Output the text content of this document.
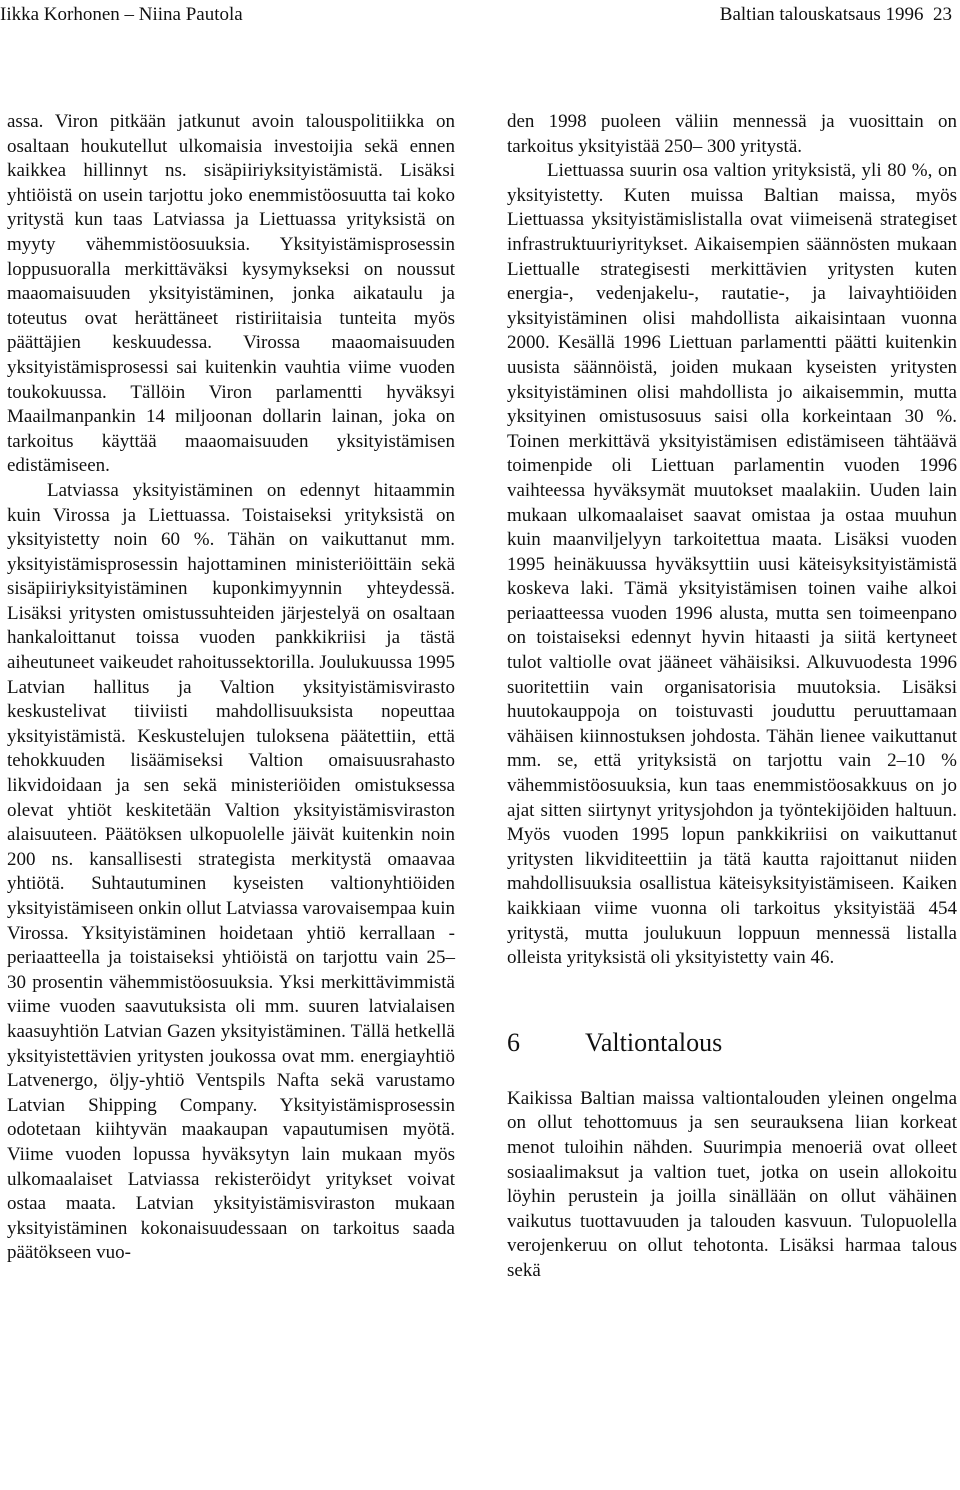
Iikka Korhonen – Niina Pautola	Baltian talouskatsaus 1996 23

assa. Viron pitkään jatkunut avoin talouspolitiikka on osaltaan houkutellut ulkomaisia investoijia sekä ennen kaikkea hillinnyt ns. sisäpiiriyksityistämistä. Lisäksi yhtiöistä on usein tarjottu joko enemmistöosuutta tai koko yritystä kun taas Latviassa ja Liettuassa yrityksistä on myyty vähemmistöosuuksia. Yksityistämisprosessin loppusuoralla merkittäväksi kysymykseksi on noussut maaomaisuuden yksityistäminen, jonka aikataulu ja toteutus ovat herättäneet ristiriitaisia tunteita myös päättäjien keskuudessa. Virossa maaomaisuuden yksityistämisprosessi sai kuitenkin vauhtia viime vuoden toukokuussa. Tällöin Viron parlamentti hyväksyi Maailmanpankin 14 miljoonan dollarin lainan, joka on tarkoitus käyttää maaomaisuuden yksityistämisen edistämiseen.

Latviassa yksityistäminen on edennyt hitaammin kuin Virossa ja Liettuassa. Toistaiseksi yrityksistä on yksityistetty noin 60 %. Tähän on vaikuttanut mm. yksityistämisprosessin hajottaminen ministeriöittäin sekä sisäpiiriyksityistäminen kuponkimyynnin yhteydessä. Lisäksi yritysten omistussuhteiden järjestelyä on osaltaan hankaloittanut toissa vuoden pankkikriisi ja tästä aiheutuneet vaikeudet rahoitussektorilla. Joulukuussa 1995 Latvian hallitus ja Valtion yksityistämisvirasto keskustelivat tiiviisti mahdollisuuksista nopeuttaa yksityistämistä. Keskustelujen tuloksena päätettiin, että tehokkuuden lisäämiseksi Valtion omaisuusrahasto likvidoidaan ja sen sekä ministeriöiden omistuksessa olevat yhtiöt keskitetään Valtion yksityistämisviraston alaisuuteen. Päätöksen ulkopuolelle jäivät kuitenkin noin 200 ns. kansallisesti strategista merkitystä omaavaa yhtiötä. Suhtautuminen kyseisten valtionyhtiöiden yksityistämiseen onkin ollut Latviassa varovaisempaa kuin Virossa. Yksityistäminen hoidetaan yhtiö kerrallaan -periaatteella ja toistaiseksi yhtiöistä on tarjottu vain 25– 30 prosentin vähemmistöosuuksia. Yksi merkittävimmistä viime vuoden saavutuksista oli mm. suuren latvialaisen kaasuyhtiön Latvian Gazen yksityistäminen. Tällä hetkellä yksityistettävien yritysten joukossa ovat mm. energiayhtiö Latvenergo, öljy-yhtiö Ventspils Nafta sekä varustamo Latvian Shipping Company. Yksityistämisprosessin odotetaan kiihtyvän maakaupan vapautumisen myötä. Viime vuoden lopussa hyväksytyn lain mukaan myös ulkomaalaiset Latviassa rekisteröidyt yritykset voivat ostaa maata. Latvian yksityistämisviraston mukaan yksityistäminen kokonaisuudessaan on tarkoitus saada päätökseen vuo-

den 1998 puoleen väliin mennessä ja vuosittain on tarkoitus yksityistää 250– 300 yritystä.

Liettuassa suurin osa valtion yrityksistä, yli 80 %, on yksityistetty. Kuten muissa Baltian maissa, myös Liettuassa yksityistämislistalla ovat viimeisenä strategiset infrastruktuuriyritykset. Aikaisempien säännösten mukaan Liettualle strategisesti merkittävien yritysten kuten energia-, vedenjakelu-, rautatie-, ja laivayhtiöiden yksityistäminen olisi mahdollista aikaisintaan vuonna 2000. Kesällä 1996 Liettuan parlamentti päätti kuitenkin uusista säännöistä, joiden mukaan kyseisten yritysten yksityistäminen olisi mahdollista jo aikaisemmin, mutta yksityinen omistusosuus saisi olla korkeintaan 30 %. Toinen merkittävä yksityistämisen edistämiseen tähtäävä toimenpide oli Liettuan parlamentin vuoden 1996 vaihteessa hyväksymät muutokset maalakiin. Uuden lain mukaan ulkomaalaiset saavat omistaa ja ostaa muuhun kuin maanviljelyyn tarkoitettua maata. Lisäksi vuoden 1995 heinäkuussa hyväksyttiin uusi käteisyksityistämistä koskeva laki. Tämä yksityistämisen toinen vaihe alkoi periaatteessa vuoden 1996 alusta, mutta sen toimeenpano on toistaiseksi edennyt hyvin hitaasti ja siitä kertyneet tulot valtiolle ovat jääneet vähäisiksi. Alkuvuodesta 1996 suoritettiin vain organisatorisia muutoksia. Lisäksi huutokauppoja on toistuvasti jouduttu peruuttamaan vähäisen kiinnostuksen johdosta. Tähän lienee vaikuttanut mm. se, että yrityksistä on tarjottu vain 2–10 % vähemmistöosuuksia, kun taas enemmistöosakkuus on jo ajat sitten siirtynyt yritysjohdon ja työntekijöiden haltuun. Myös vuoden 1995 lopun pankkikriisi on vaikuttanut yritysten likviditeettiin ja tätä kautta rajoittanut niiden mahdollisuuksia osallistua käteisyksityistämiseen. Kaiken kaikkiaan viime vuonna oli tarkoitus yksityistää 454 yritystä, mutta joulukuun loppuun mennessä listalla olleista yrityksistä oli yksityistetty vain 46.

6	Valtiontalous

Kaikissa Baltian maissa valtiontalouden yleinen ongelma on ollut tehottomuus ja sen seurauksena liian korkeat menot tuloihin nähden. Suurimpia menoeriä ovat olleet sosiaalimaksut ja valtion tuet, jotka on usein allokoitu löyhin perustein ja joilla sinällään on ollut vähäinen vaikutus tuottavuuden ja talouden kasvuun. Tulopuolella verojenkeruu on ollut tehotonta. Lisäksi harmaa talous sekä
